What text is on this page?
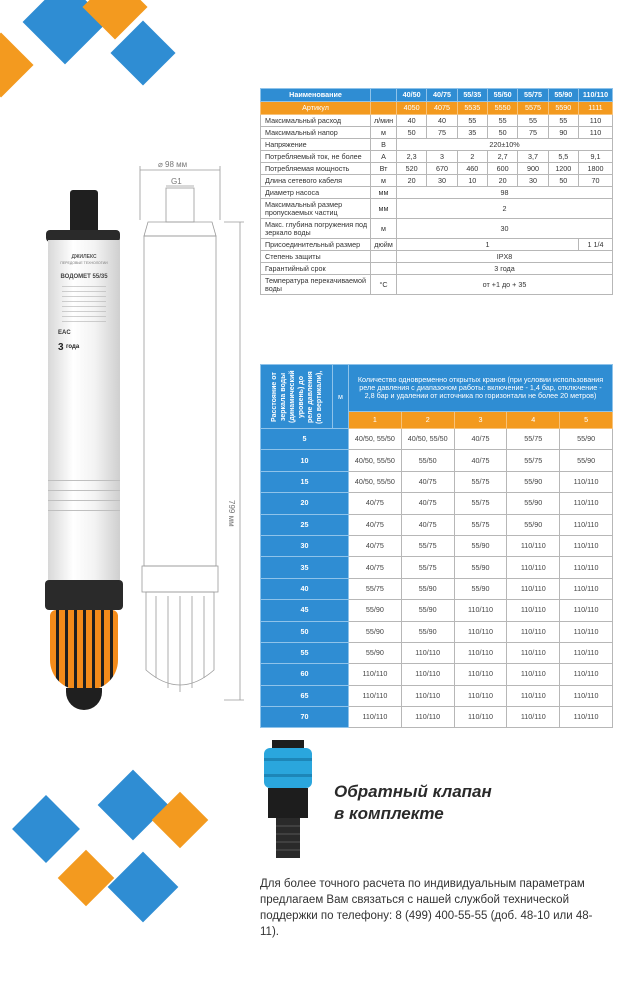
ДЖИЛЕКС
ПЕРЕДОВЫЕ ТЕХНОЛОГИИ
ВОДОМЕТ 55/35
EAC
3 года
⌀ 98 мм
G1
799 мм
Наименование		40/50	40/75	55/35	55/50	55/75	55/90	110/110
Артикул		4050	4075	5535	5550	5575	5590	1111
Максимальный расход	л/мин	40	40	55	55	55	55	110
Максимальный напор	м	50	75	35	50	75	90	110
Напряжение	В	220±10%						
Потребляемый ток, не более	А	2,3	3	2	2,7	3,7	5,5	9,1
Потребляемая мощность	Вт	520	670	460	600	900	1200	1800
Длина сетевого кабеля	м	20	30	10	20	30	50	70
Диаметр насоса	мм	98						
Максимальный размер пропускаемых частиц	мм	2						
Макс. глубина погружения под зеркало воды	м	30						
Присоединительный размер	дюйм	1						1 1/4
Степень защиты		IPX8						
Гарантийный срок		3 года						
Температура перекачиваемой воды	°С	от +1 до + 35						
Расстояние от зеркала воды (динамический уровень) до реле давления (по вертикали),	м	Количество одновременно открытых кранов (при условии использования реле давления с диапазоном работы: включение - 1,4 бар, отключение - 2,8 бар и удалении от источника по горизонтали не более 20 метров)				
		1	2	3	4	5
5		40/50, 55/50	40/50, 55/50	40/75	55/75	55/90
10		40/50, 55/50	55/50	40/75	55/75	55/90
15		40/50, 55/50	40/75	55/75	55/90	110/110
20		40/75	40/75	55/75	55/90	110/110
25		40/75	40/75	55/75	55/90	110/110
30		40/75	55/75	55/90	110/110	110/110
35		40/75	55/75	55/90	110/110	110/110
40		55/75	55/90	55/90	110/110	110/110
45		55/90	55/90	110/110	110/110	110/110
50		55/90	55/90	110/110	110/110	110/110
55		55/90	110/110	110/110	110/110	110/110
60		110/110	110/110	110/110	110/110	110/110
65		110/110	110/110	110/110	110/110	110/110
70		110/110	110/110	110/110	110/110	110/110
Обратный клапан
в комплекте
Для более точного расчета по индивидуальным параметрам предлагаем Вам связаться с нашей службой технической поддержки по телефону: 8 (499) 400-55-55 (доб. 48-10 или 48-11).
